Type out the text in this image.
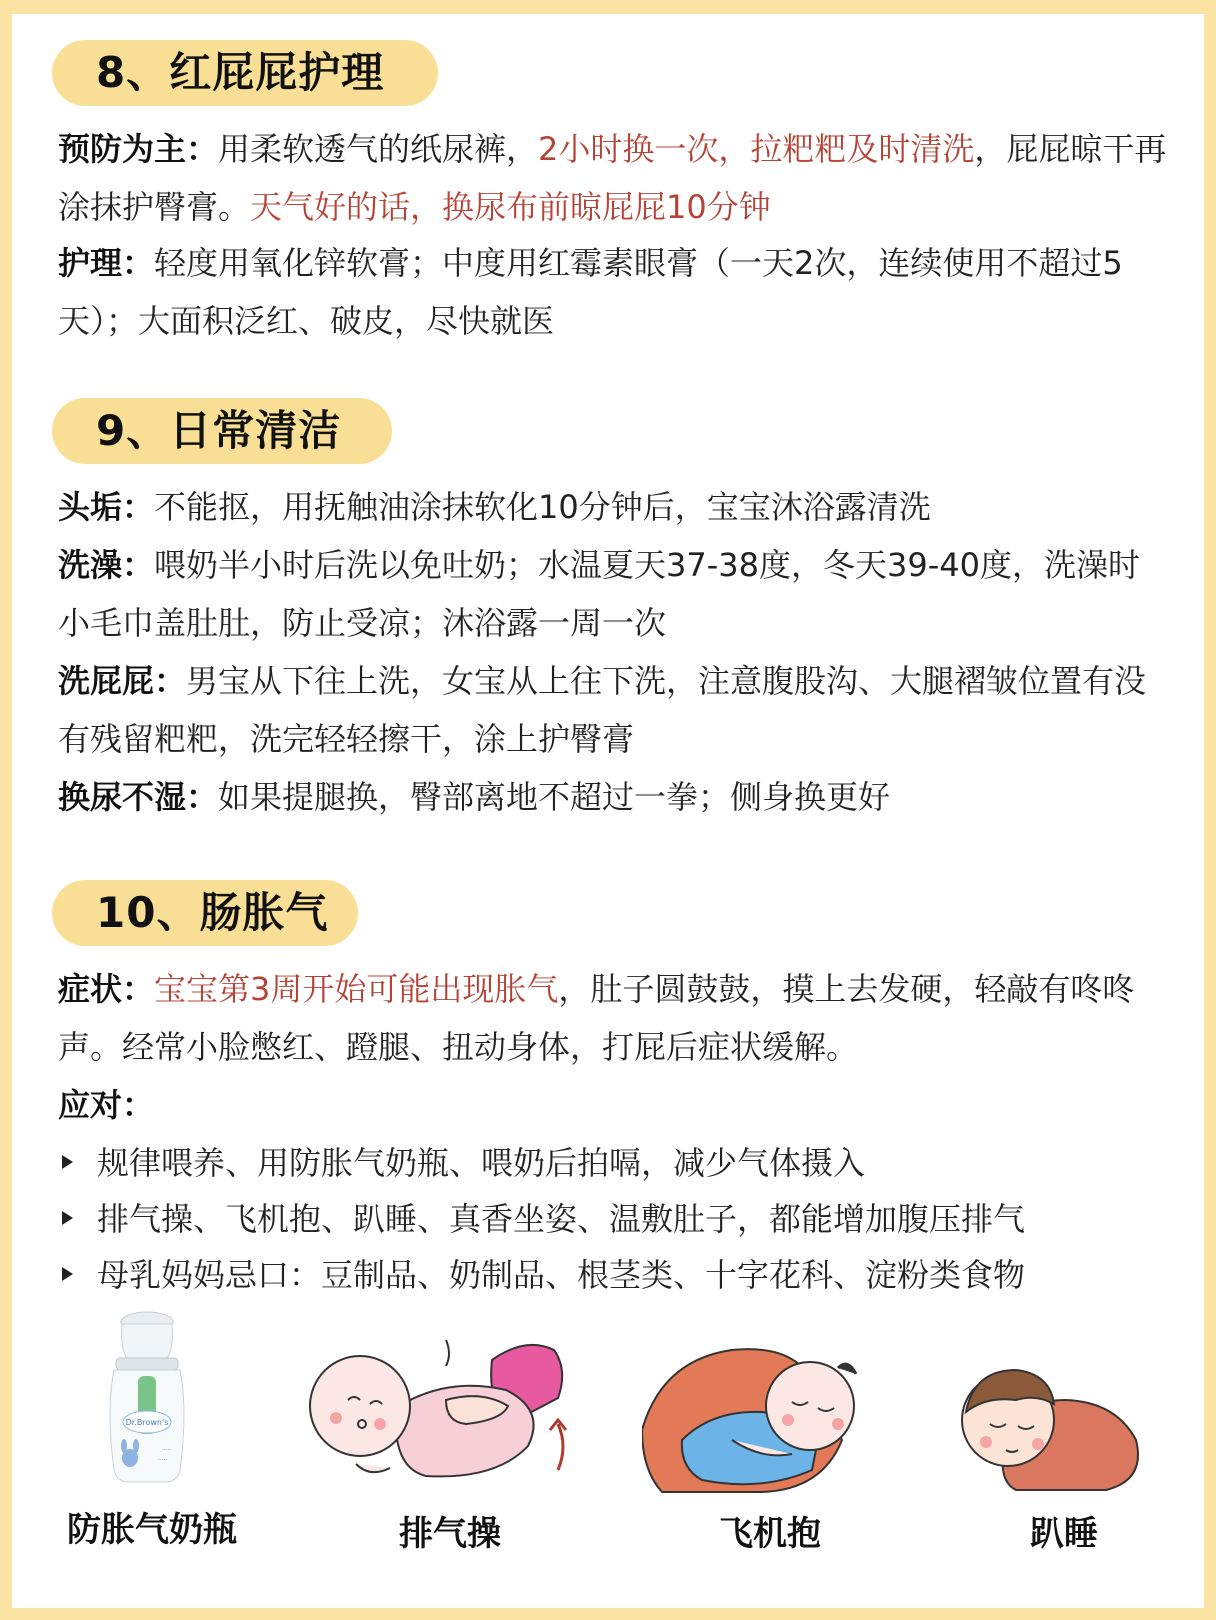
8、红屁屁护理
预防为主：用柔软透气的纸尿裤，2小时换一次，拉粑粑及时清洗，屁屁晾干再涂抹护臀膏。天气好的话，换尿布前晾屁屁10分钟
护理：轻度用氧化锌软膏；中度用红霉素眼膏（一天2次，连续使用不超过5天）；大面积泛红、破皮，尽快就医
9、日常清洁
头垢：不能抠，用抚触油涂抹软化10分钟后，宝宝沐浴露清洗
洗澡：喂奶半小时后洗以免吐奶；水温夏天37-38度，冬天39-40度，洗澡时小毛巾盖肚肚，防止受凉；沐浴露一周一次
洗屁屁：男宝从下往上洗，女宝从上往下洗，注意腹股沟、大腿褶皱位置有没有残留粑粑，洗完轻轻擦干，涂上护臀膏
换尿不湿：如果提腿换，臀部离地不超过一拳；侧身换更好
10、肠胀气
症状：宝宝第3周开始可能出现胀气，肚子圆鼓鼓，摸上去发硬，轻敲有咚咚声。经常小脸憋红、蹬腿、扭动身体，打屁后症状缓解。
应对：
规律喂养、用防胀气奶瓶、喂奶后拍嗝，减少气体摄入
排气操、飞机抱、趴睡、真香坐姿、温敷肚子，都能增加腹压排气
母乳妈妈忌口：豆制品、奶制品、根茎类、十字花科、淀粉类食物
Dr.Brown's
.....
.....
防胀气奶瓶	排气操	飞机抱	趴睡
